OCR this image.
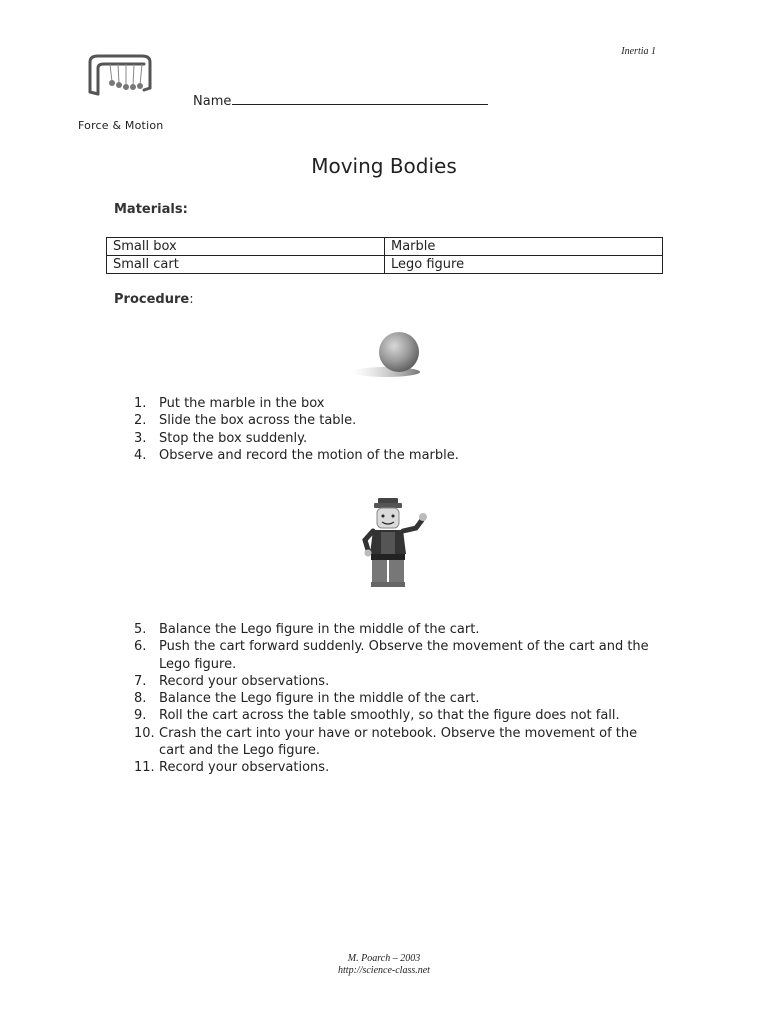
Inertia 1
Force & Motion
Name
Moving Bodies
Materials:
Small box	Marble
Small cart	Lego figure
Procedure:
1. Put the marble in the box
2. Slide the box across the table.
3. Stop the box suddenly.
4. Observe and record the motion of the marble.
5. Balance the Lego figure in the middle of the cart.
6. Push the cart forward suddenly. Observe the movement of the cart and the Lego figure.
7. Record your observations.
8. Balance the Lego figure in the middle of the cart.
9. Roll the cart across the table smoothly, so that the figure does not fall.
10. Crash the cart into your have or notebook. Observe the movement of the cart and the Lego figure.
11. Record your observations.
M. Poarch – 2003
http://science-class.net
